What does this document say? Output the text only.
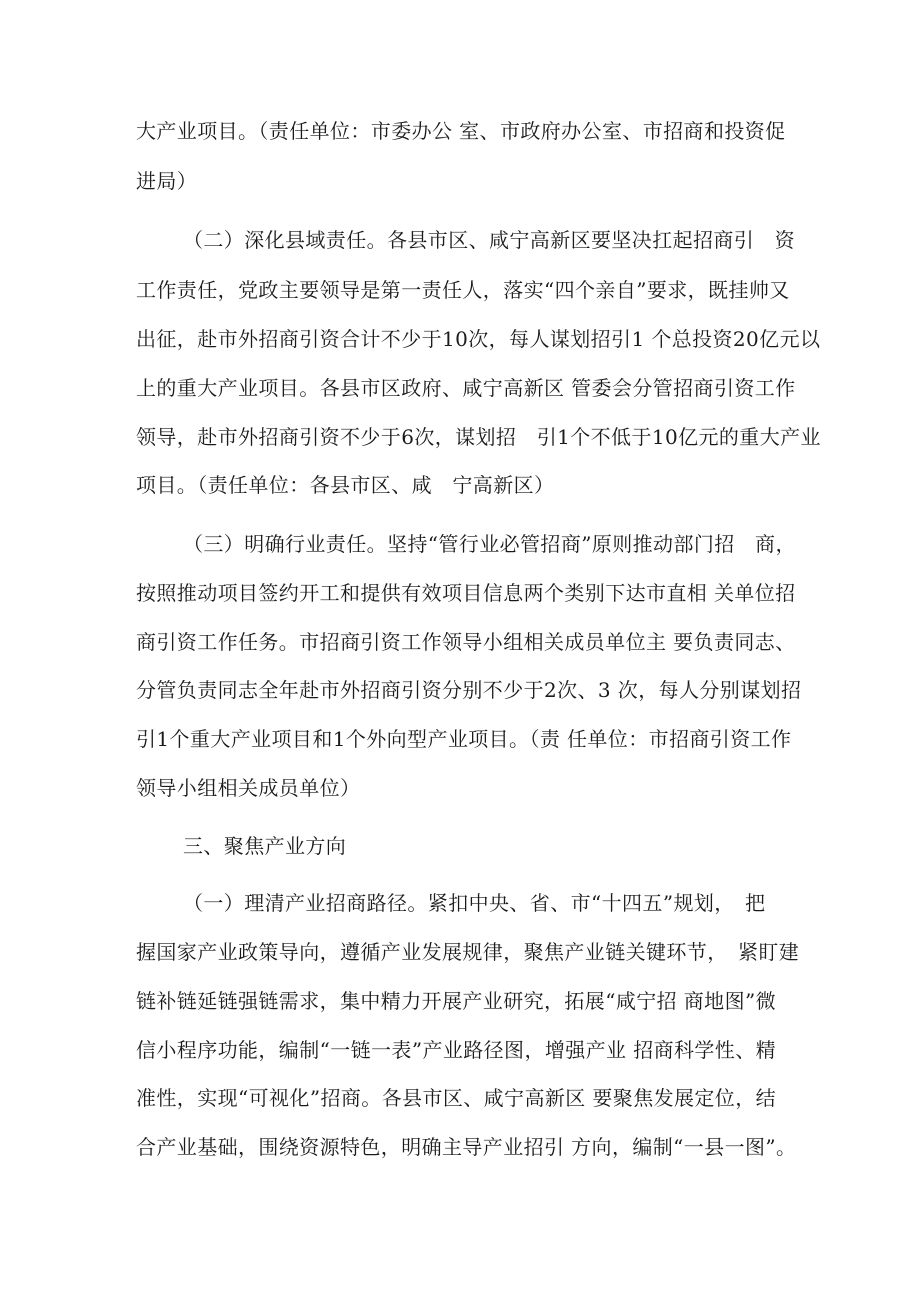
大产业项目。（责任单位：市委办公 室、市政府办公室、市招商和投资促
进局）
（二）深化县域责任。各县市区、咸宁高新区要坚决扛起招商引　资
工作责任，党政主要领导是第一责任人，落实“四个亲自”要求，既挂帅又
出征，赴市外招商引资合计不少于10次，每人谋划招引1 个总投资20亿元以
上的重大产业项目。各县市区政府、咸宁高新区 管委会分管招商引资工作
领导，赴市外招商引资不少于6次，谋划招　引1个不低于10亿元的重大产业
项目。（责任单位：各县市区、咸　宁高新区）
（三）明确行业责任。坚持“管行业必管招商”原则推动部门招　商，
按照推动项目签约开工和提供有效项目信息两个类别下达市直相 关单位招
商引资工作任务。市招商引资工作领导小组相关成员单位主 要负责同志、
分管负责同志全年赴市外招商引资分别不少于2次、3 次，每人分别谋划招
引1个重大产业项目和1个外向型产业项目。（责 任单位：市招商引资工作
领导小组相关成员单位）
三、聚焦产业方向
（一）理清产业招商路径。紧扣中央、省、市“十四五”规划，　把
握国家产业政策导向，遵循产业发展规律，聚焦产业链关键环节，　紧盯建
链补链延链强链需求，集中精力开展产业研究，拓展“咸宁招 商地图”微
信小程序功能，编制“一链一表”产业路径图，增强产业 招商科学性、精
准性，实现“可视化”招商。各县市区、咸宁高新区 要聚焦发展定位，结
合产业基础，围绕资源特色，明确主导产业招引 方向，编制“一县一图”。
